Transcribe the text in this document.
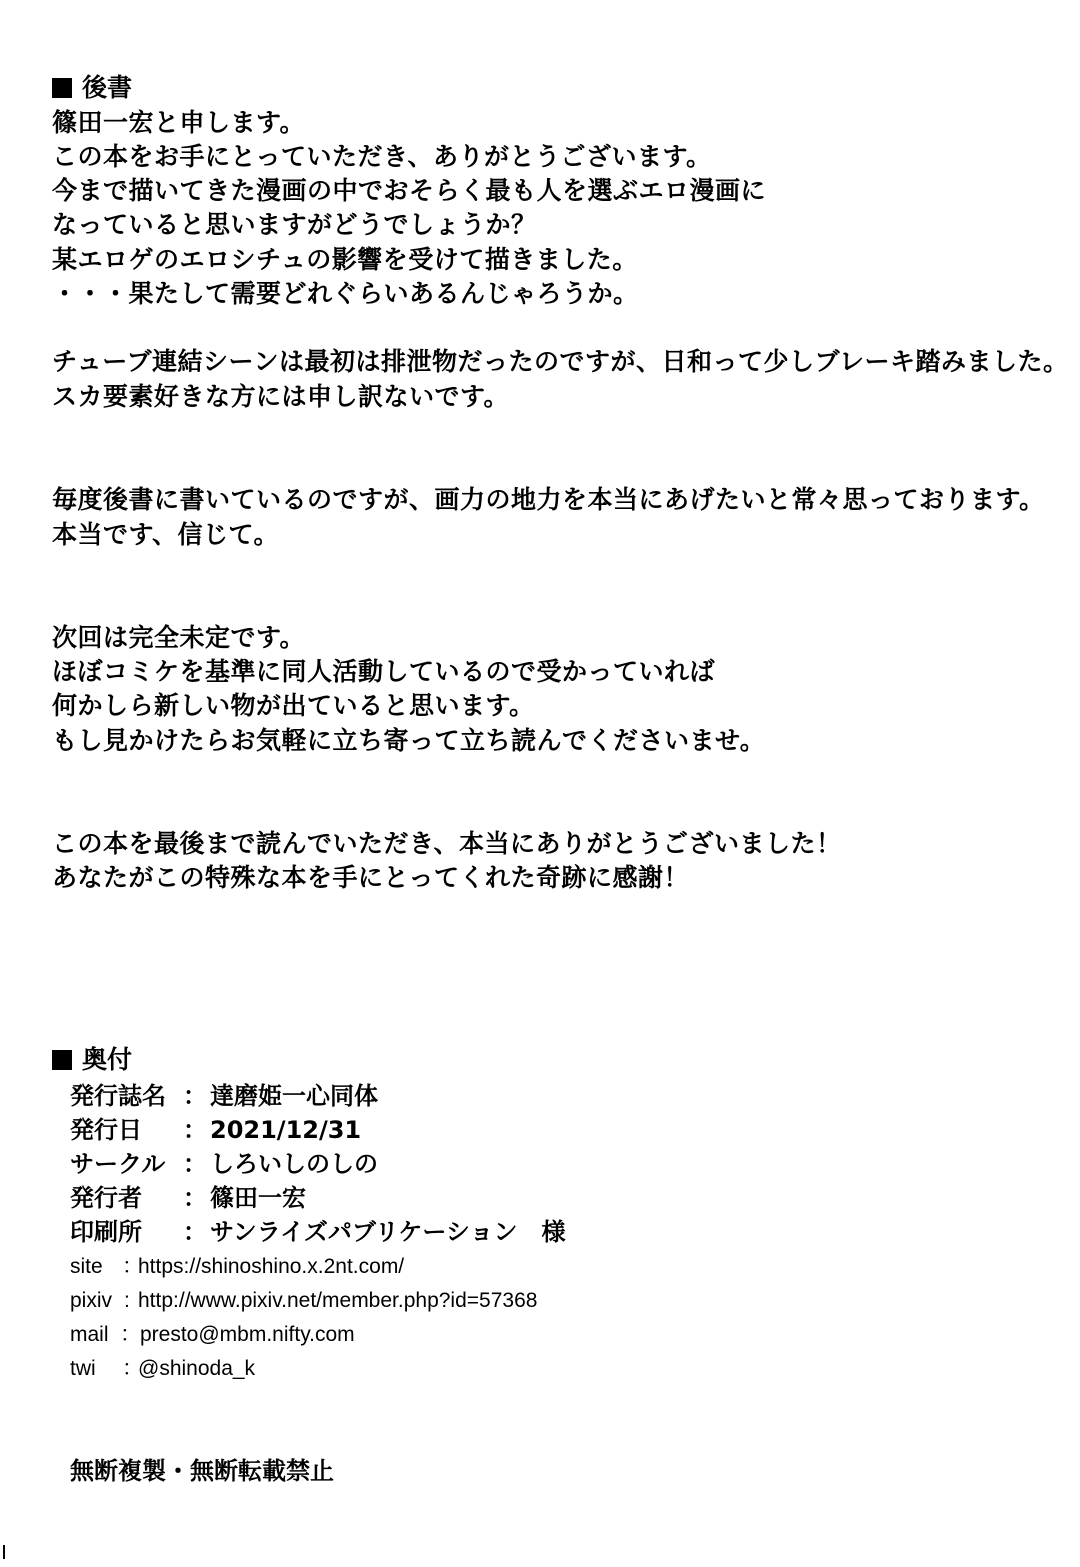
後書
篠田一宏と申します。
この本をお手にとっていただき、ありがとうございます。
今まで描いてきた漫画の中でおそらく最も人を選ぶエロ漫画に
なっていると思いますがどうでしょうか？
某エロゲのエロシチュの影響を受けて描きました。
・・・果たして需要どれぐらいあるんじゃろうか。
チューブ連結シーンは最初は排泄物だったのですが、日和って少しブレーキ踏みました。
スカ要素好きな方には申し訳ないです。
毎度後書に書いているのですが、画力の地力を本当にあげたいと常々思っております。
本当です、信じて。
次回は完全未定です。
ほぼコミケを基準に同人活動しているので受かっていれば
何かしら新しい物が出ていると思います。
もし見かけたらお気軽に立ち寄って立ち読んでくださいませ。
この本を最後まで読んでいただき、本当にありがとうございました！
あなたがこの特殊な本を手にとってくれた奇跡に感謝！
奥付
発行誌名 ： 達磨姫一心同体
発行日 ： 2021/12/31
サークル ： しろいしのしの
発行者 ： 篠田一宏
印刷所 ： サンライズパブリケーション　様
site ：https://shinoshino.x.2nt.com/
pixiv : http://www.pixiv.net/member.php?id=57368
mail ：presto@mbm.nifty.com
twi ：@shinoda_k
無断複製・無断転載禁止
